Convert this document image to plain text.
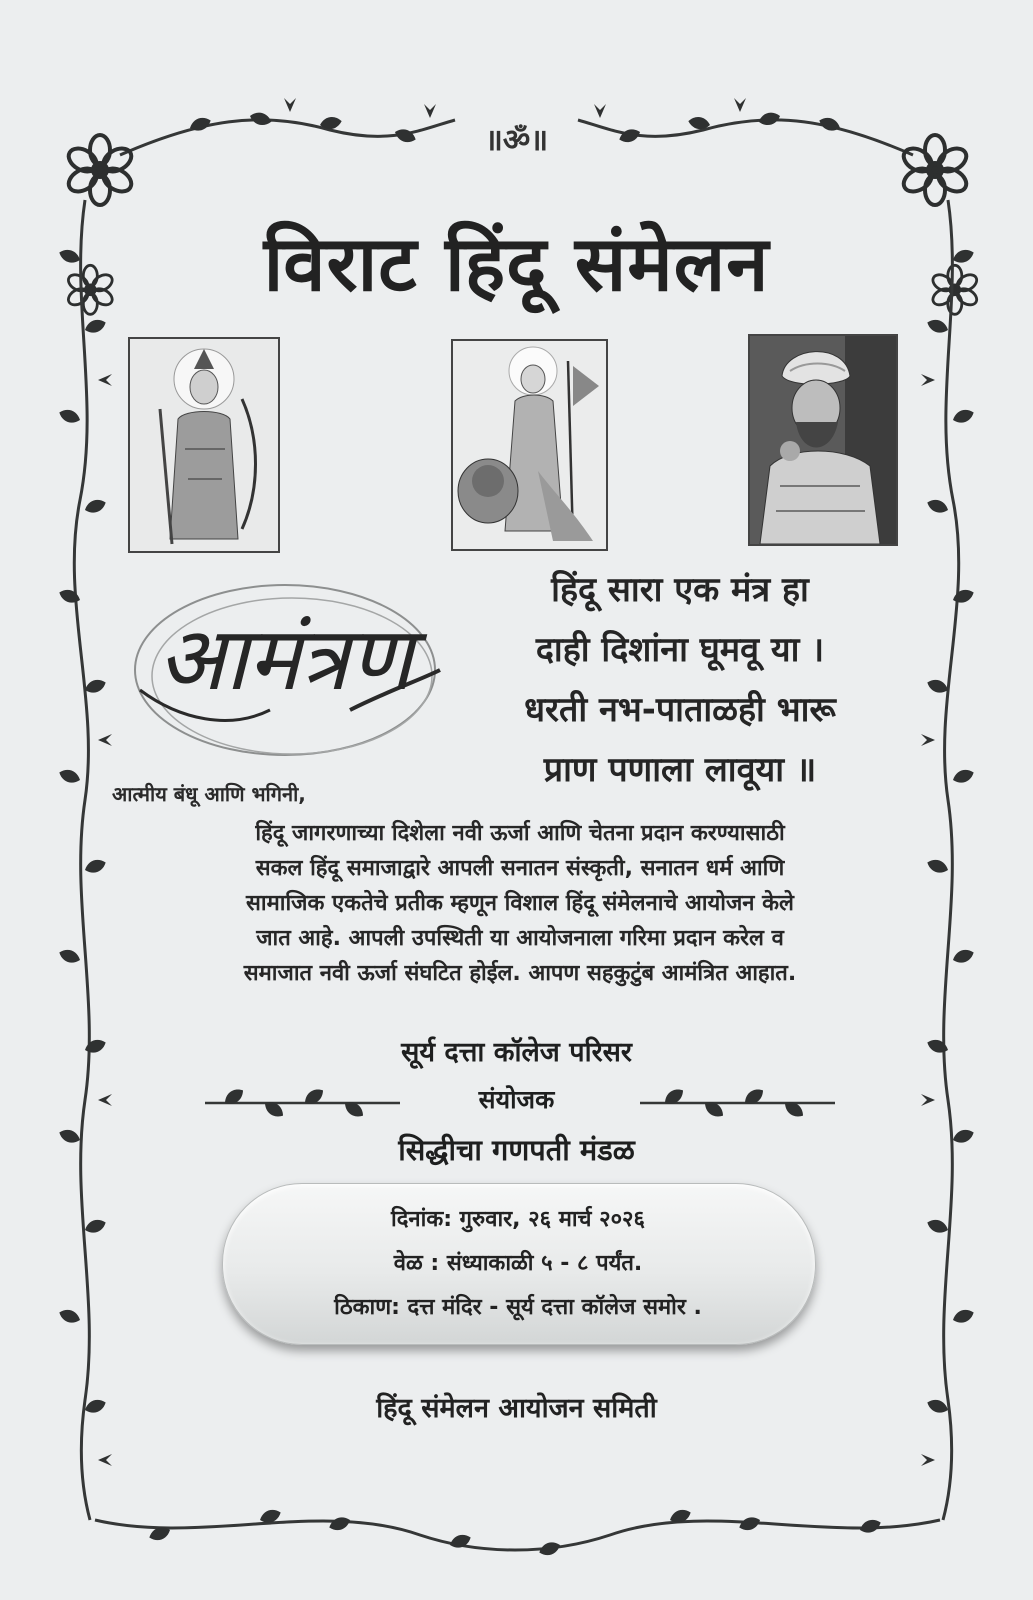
॥ॐ॥
विराट हिंदू संमेलन
आमंत्रण
हिंदू सारा एक मंत्र हा
दाही दिशांना घूमवू या ।
धरती नभ-पाताळही भारू
प्राण पणाला लावूया ॥
आत्मीय बंधू आणि भगिनी,
हिंदू जागरणाच्या दिशेला नवी ऊर्जा आणि चेतना प्रदान करण्यासाठी
सकल हिंदू समाजाद्वारे आपली सनातन संस्कृती, सनातन धर्म आणि
सामाजिक एकतेचे प्रतीक म्हणून विशाल हिंदू संमेलनाचे आयोजन केले
जात आहे. आपली उपस्थिती या आयोजनाला गरिमा प्रदान करेल व
समाजात नवी ऊर्जा संघटित होईल. आपण सहकुटुंब आमंत्रित आहात.
सूर्य दत्ता कॉलेज परिसर
संयोजक
सिद्धीचा गणपती मंडळ
दिनांक: गुरुवार, २६ मार्च २०२६
वेळ : संध्याकाळी ५ - ८ पर्यंत.
ठिकाण: दत्त मंदिर - सूर्य दत्ता कॉलेज समोर .
हिंदू संमेलन आयोजन समिती
